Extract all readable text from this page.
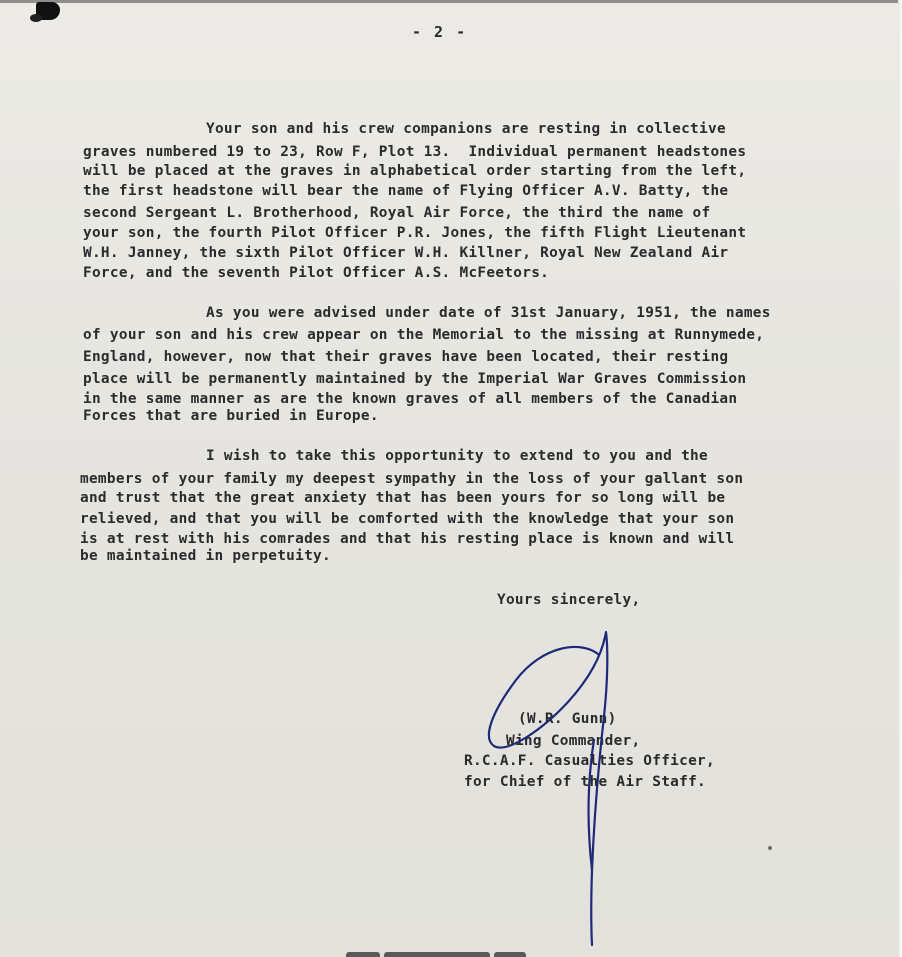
- 2 -
Your son and his crew companions are resting in collective
graves numbered 19 to 23, Row F, Plot 13.  Individual permanent headstones
will be placed at the graves in alphabetical order starting from the left,
the first headstone will bear the name of Flying Officer A.V. Batty, the
second Sergeant L. Brotherhood, Royal Air Force, the third the name of
your son, the fourth Pilot Officer P.R. Jones, the fifth Flight Lieutenant
W.H. Janney, the sixth Pilot Officer W.H. Killner, Royal New Zealand Air
Force, and the seventh Pilot Officer A.S. McFeetors.
As you were advised under date of 31st January, 1951, the names
of your son and his crew appear on the Memorial to the missing at Runnymede,
England, however, now that their graves have been located, their resting
place will be permanently maintained by the Imperial War Graves Commission
in the same manner as are the known graves of all members of the Canadian
Forces that are buried in Europe.
I wish to take this opportunity to extend to you and the
members of your family my deepest sympathy in the loss of your gallant son
and trust that the great anxiety that has been yours for so long will be
relieved, and that you will be comforted with the knowledge that your son
is at rest with his comrades and that his resting place is known and will
be maintained in perpetuity.
Yours sincerely,
(W.R. Gunn)
Wing Commander,
R.C.A.F. Casualties Officer,
for Chief of the Air Staff.
